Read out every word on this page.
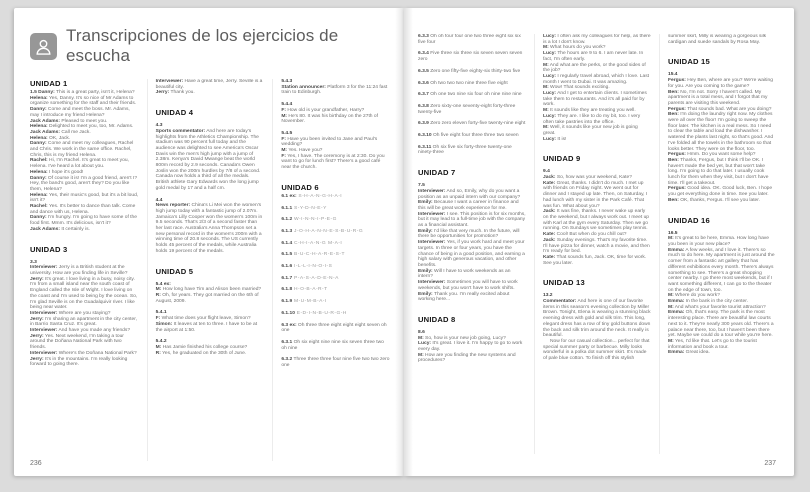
Transcripciones de los ejercicios de escucha
UNIDAD 1

1.5 Danny: This is a great party, isn't it, Helena?

Helena: Yes, Danny. It's so nice of Mr Adams to organize something for the staff and their friends.

Danny: Come and meet the boss. Mr. Adams, may I introduce my friend Helena?

Jack Adams: Pleased to meet you.

Helena: Delighted to meet you, too, Mr. Adams.

Jack Adams: Call me Jack.

Helena: OK, Jack.

Danny: Come and meet my colleagues, Rachel and Chris. We work in the same office. Rachel, Chris, this is my friend Helena.

Rachel: Hi, I'm Rachel. It's great to meet you, Helena. I've heard a lot about you.

Helena: I hope it's good!

Danny: Of course it is! I'm a good friend, aren't I? Hey, the band's good, aren't they? Do you like them, Helena?

Helena: Yes, their music's good, but it's a bit loud, isn't it?

Rachel: Yes. It's better to dance than talk. Come and dance with us, Helena.

Danny: I'm hungry. I'm going to have some of the food first. Mmm. It's delicious, isn't it?

Jack Adams: It certainly is.

UNIDAD 3
3.3

Interviewer: Jerry is a British student at the university. How are you finding life in Seville?

Jerry: It's great. I love living in a busy, noisy city. I'm from a small island near the south coast of England called the Isle of Wight. I love living on the coast and I'm used to being by the ocean. So, I'm glad Seville is on the Guadalquivir river. I like being near water.

Interviewer: Where are you staying?

Jerry: I'm sharing an apartment in the city center, in Barrio Santa Cruz. It's great.

Interviewer: And have you made any friends?

Jerry: Yes. Next weekend, I'm taking a tour around the Doñana National Park with two friends.

Interviewer: Where's the Doñana National Park?

Jerry: It's in the mountains. I'm really looking forward to going there.

Interviewer: Have a great time, Jerry. Seville is a beautiful city.

Jerry: Thank you.

UNIDAD 4
4.3

Sports commentator: And here are today's highlights from the Athletics Championship. The stadium was 90 percent full today and the audience was delighted to see America's Oscar Davis win the men's high jump with a jump of 2.38m. Kenya's David Mwange beat the world 800m record by 2.9 seconds. Canada's Owen Joslin won the 200m hurdles by 7/8 of a second. Canada now holds a third of all the medals. British athlete Gary Edwards won the long jump gold medal by 17 and a half cm.

4.4

News reporter: China's Li Mei won the women's high jump today with a fantastic jump of 2.07m. Jamaica's Lilly Cooper won the women's 100m in 9.5 seconds. That's 2/3 of a second faster than her last race. Australia's Anna Thompson set a new personal record in the women's 200m with a winning time of 20.8 seconds. The US currently holds 45 percent of the medals, while Australia holds 19 percent of the medals.

UNIDAD 5
5.4 ex:

M: How long have Tim and Alison been married?

R: Oh, for years. They got married on the 6th of August, 2009.

5.4.1

F: What time does your flight leave, Simon?

Simon: It leaves at ten to three. I have to be at the airport at 1:50.

5.4.2

M: Has Jamie finished his college course?

R: Yes, he graduated on the 30th of June.

5.4.3

Station announcer: Platform 3 for the 11:24 fast train to Edinburgh.

5.4.4

F: How old is your grandfather, Harry?

M: He's 80. It was his birthday on the 27th of November.

5.4.5

F: Have you been invited to Jane and Paul's wedding?

M: Yes. Have you?

F: Yes, I have. The ceremony is at 2:30. Do you want to go for lunch first? There's a good café near the church.

UNIDAD 6

6.1 ex: S-H-A-N-G-H-A-I

6.1.1 S-Y-D-N-E-Y

6.1.2 W-I-N-N-I-P-E-G

6.1.3 J-O-H-A-N-N-E-S-B-U-R-G

6.1.4 C-H-I-A-N-G M-A-I

6.1.5 B-U-C-H-A-R-E-S-T

6.1.6 I-L-L-I-N-O-I-S

6.1.7 P-A-S-A-D-E-N-A

6.1.8 H-O-B-A-R-T

6.1.9 M-U-M-B-A-I

6.1.10 E-D-I-N-B-U-R-G-H

6.3 ex: Oh three three eight eight eight seven oh one

6.3.1 Oh six eight nine nine six seven three two oh nine

6.3.2 Three three three four nine five two two zero one

236

6.3.3 Oh oh four four one two three eight six six five four

6.3.4 Five three six three six seven seven seven zero

6.3.5 Zero one fifty-five eighty-six thirty-two five

6.3.6 Oh two two two nine three five eight

6.3.7 Oh one two nine six four oh nine nine nine

6.3.8 Zero sixty-one seventy-eight forty-three twenty-five

6.3.9 Zero zero eleven forty-five twenty-nine eight

6.3.10 Oh five eight four three three two seven

6.3.11 Oh six five six forty-three twenty-one ninety-three

UNIDAD 7
7.5

Interviewer: And so, Emily, why do you want a position as an unpaid intern with our company?

Emily: Because I want a career in finance and this will be great work experience for me.

Interviewer: I see. This position is for six months, but it may lead to a full-time job with the company as a financial assistant.

Emily: I'd like that very much. In the future, will there be opportunities for promotion?

Interviewer: Yes, if you work hard and meet your targets. In three or four years, you have the chance of being in a good position, and earning a high salary with generous vacation, and other benefits.

Emily: Will I have to work weekends as an intern?

Interviewer: Sometimes you will have to work weekends, but you won't have to work shifts.

Emily: Thank you. I'm really excited about working here...

UNIDAD 8
8.6

M: So, how is your new job going, Lucy?

Lucy: It's great. I love it. I'm happy to go to work every day.

M: How are you finding the new systems and procedures?

Lucy: I often ask my colleagues for help, as there is a lot I don't know.

M: What hours do you work?

Lucy: The hours are 9 to 6. I am never late. In fact, I'm often early.

M: And what are the perks, or the good sides of the job?

Lucy: I regularly travel abroad, which I love. Last month I went to Dubai. It was amazing.

M: Wow! That sounds exciting.

Lucy: And I get to entertain clients. I sometimes take them to restaurants. And it's all paid for by work.

M: It sounds like they are treating you well.

Lucy: They are. I like to do my bit, too. I very often take pastries into the office.

M: Well, it sounds like your new job is going great.

Lucy: It is!

UNIDAD 9
9.4

Jack: So, how was your weekend, Kate?

Kate: Great, thanks. I didn't do much. I met up with friends on Friday night. We went out for dinner and I stayed up late. Then, on Saturday, I had lunch with my sister in the Park Café. That was fun. What about you?

Jack: It was fine, thanks. I never wake up early on the weekend, but I always work out. I meet up with Karl at the gym every Saturday. Then we go running. On Sundays we sometimes play tennis.

Kate: Cool! But when do you chill out?

Jack: Sunday evenings. That's my favorite time. I'll have pizza for dinner, watch a movie, and then I'm ready for bed.

Kate: That sounds fun, Jack. OK, time for work. See you later.

UNIDAD 13
13.2

Commentator: And here is one of our favorite items in this season's evening collection by Miller Brown. Tonight, Elena is wearing a stunning black evening dress with gold and silk trim. This long, elegant dress has a row of tiny gold buttons down the back and silk trim around the neck. It really is beautiful.

Now for our casual collection... perfect for that special summer party or barbecue. Milly looks wonderful in a polka dot summer skirt. It's made of pale blue cotton. To finish off this stylish

summer skirt, Milly is wearing a gorgeous silk cardigan and suede sandals by Rosa May.

UNIDAD 15
15.4

Fergus: Hey Ben, where are you? We're waiting for you. Are you coming to the game?

Ben: No, I'm not. Sorry I haven't called. My apartment is a total mess, and I forgot that my parents are visiting this weekend.

Fergus: That sounds bad. What are you doing?

Ben: I'm doing the laundry right now. My clothes were all over the floor! I'm going to sweep the floor later. The kitchen is a real mess. So I need to clear the table and load the dishwasher. I watered the plants last night, so that's good. And I've folded all the towels in the bathroom so that looks better. They were on the floor, too.

Fergus: Hmm. Do you want some help?

Ben: Thanks, Fergus, but I think I'll be OK. I haven't made the bed yet, but that won't take long. I'm going to do that later. I usually cook lunch for them when they visit, but I don't have time. I'll get a takeout.

Fergus: Good idea. OK. Good luck, Ben. I hope you get everything done in time. See you later.

Ben: OK, thanks, Fergus. I'll see you later.

UNIDAD 16
16.5

M: It's great to be here, Emma. How long have you been in your new place?

Emma: A few weeks, and I love it. There's so much to do here. My apartment is just around the corner from a fantastic art gallery that has different exhibitions every month. There's always something to see. There's a great shopping center nearby. I go there most weekends, but if I want something different, I can go to the theater on the edge of town, too.

M: Where do you work?

Emma: In the bank in the city center.

M: And what's your favorite tourist attraction?

Emma: Oh, that's easy. The park is the most interesting place. There are beautiful law courts next to it. They're nearly 300 years old. There's a palace near there, too, but I haven't been there yet. Maybe we could do a tour while you're here.

M: Yes, I'd like that. Let's go to the tourist information and book a tour.

Emma: Great idea.

237
